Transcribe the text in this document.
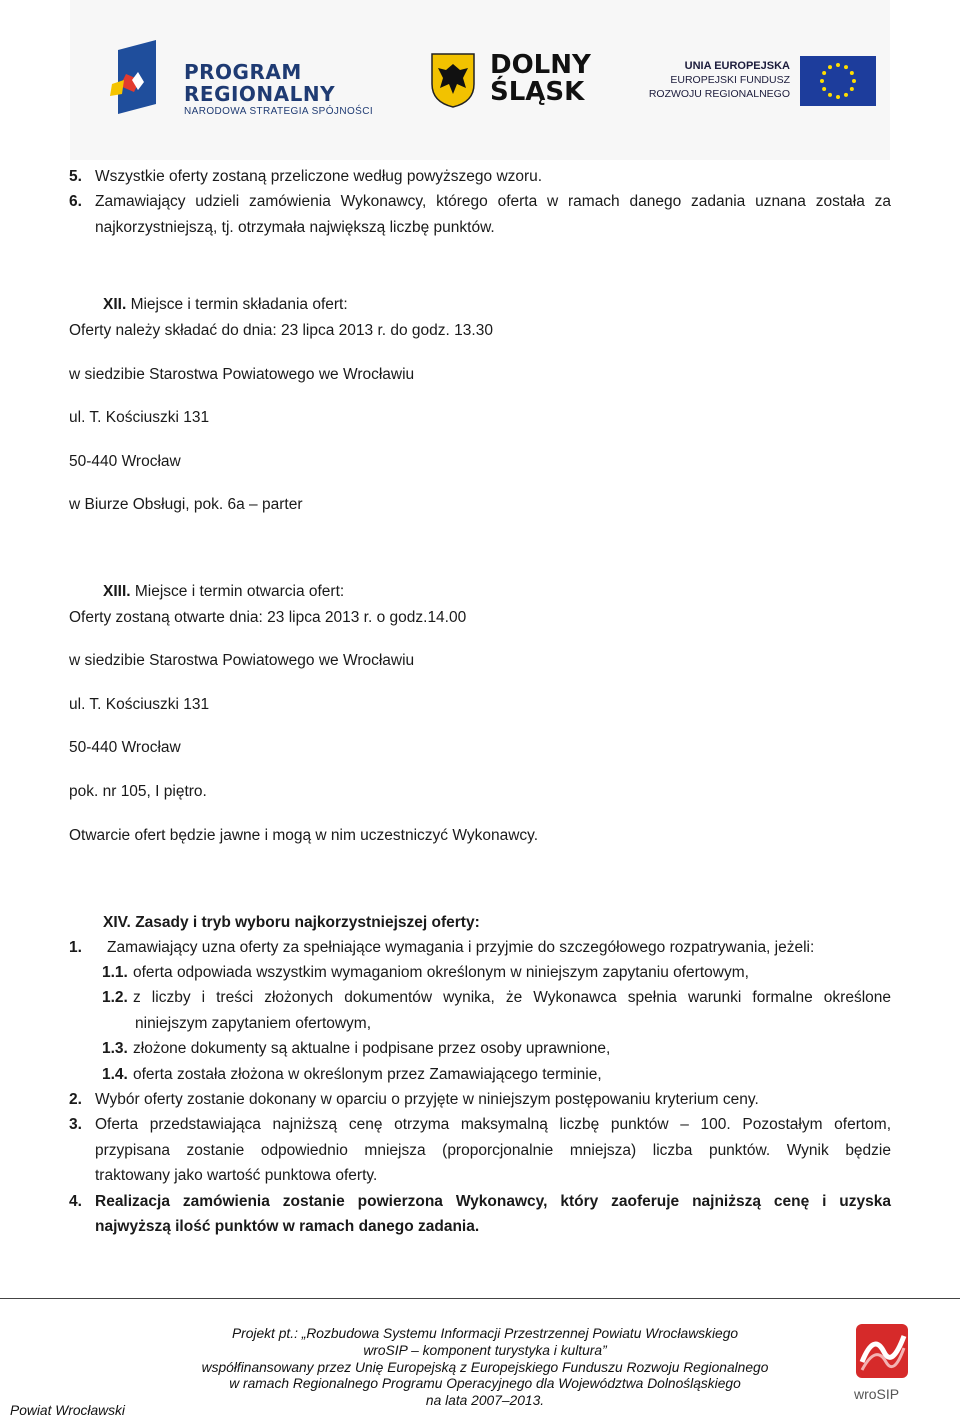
PROGRAM
REGIONALNY
NARODOWA STRATEGIA SPÓJNOŚCI
DOLNY
ŚLĄSK
UNIA EUROPEJSKA
EUROPEJSKI FUNDUSZ
ROZWOJU REGIONALNEGO
5. Wszystkie oferty zostaną przeliczone według powyższego wzoru.
6. Zamawiający udzieli zamówienia Wykonawcy, którego oferta w ramach danego zadania uznana została za
najkorzystniejszą, tj. otrzymała największą liczbę punktów.
XII. Miejsce i termin składania ofert:
Oferty należy składać do dnia: 23 lipca 2013 r. do godz. 13.30
w siedzibie Starostwa Powiatowego we Wrocławiu
ul. T. Kościuszki 131
50-440 Wrocław
w Biurze Obsługi, pok. 6a – parter
XIII. Miejsce i termin otwarcia ofert:
Oferty zostaną otwarte dnia: 23 lipca 2013 r. o godz.14.00
w siedzibie Starostwa Powiatowego we Wrocławiu
ul. T. Kościuszki 131
50-440 Wrocław
pok. nr 105, I piętro.
Otwarcie ofert będzie jawne i mogą w nim uczestniczyć Wykonawcy.
XIV. Zasady i tryb wyboru najkorzystniejszej oferty:
1. Zamawiający uzna oferty za spełniające wymagania i przyjmie do szczegółowego rozpatrywania, jeżeli:
1.1. oferta odpowiada wszystkim wymaganiom określonym w niniejszym zapytaniu ofertowym,
1.2. z liczby i treści złożonych dokumentów wynika, że Wykonawca spełnia warunki formalne określone
niniejszym zapytaniem ofertowym,
1.3. złożone dokumenty są aktualne i podpisane przez osoby uprawnione,
1.4. oferta została złożona w określonym przez Zamawiającego terminie,
2. Wybór oferty zostanie dokonany w oparciu o przyjęte w niniejszym postępowaniu kryterium ceny.
3. Oferta przedstawiająca najniższą cenę otrzyma maksymalną liczbę punktów – 100. Pozostałym ofertom,
przypisana zostanie odpowiednio mniejsza (proporcjonalnie mniejsza) liczba punktów. Wynik będzie
traktowany jako wartość punktowa oferty.
4. Realizacja zamówienia zostanie powierzona Wykonawcy, który zaoferuje najniższą cenę i uzyska
najwyższą ilość punktów w ramach danego zadania.
Projekt pt.: „Rozbudowa Systemu Informacji Przestrzennej Powiatu Wrocławskiego
wroSIP – komponent turystyka i kultura”
współfinansowany przez Unię Europejską z Europejskiego Funduszu Rozwoju Regionalnego
w ramach Regionalnego Programu Operacyjnego dla Województwa Dolnośląskiego
na lata 2007–2013.
Powiat Wrocławski
wroSIP
